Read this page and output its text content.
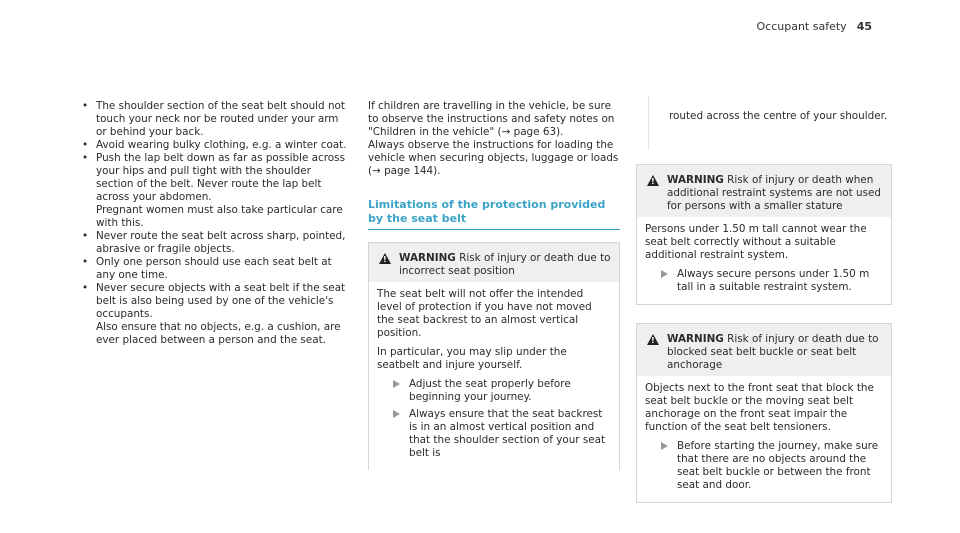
Occupant safety 45
• The shoulder section of the seat belt should not touch your neck nor be routed under your arm or behind your back.
• Avoid wearing bulky clothing, e.g. a winter coat.
• Push the lap belt down as far as possible across your hips and pull tight with the shoulder section of the belt. Never route the lap belt across your abdomen.
Pregnant women must also take particular care with this.
• Never route the seat belt across sharp, pointed, abrasive or fragile objects.
• Only one person should use each seat belt at any one time.
• Never secure objects with a seat belt if the seat belt is also being used by one of the vehicle's occupants.
Also ensure that no objects, e.g. a cushion, are ever placed between a person and the seat.

If children are travelling in the vehicle, be sure to observe the instructions and safety notes on "Children in the vehicle" (→ page 63).

Always observe the instructions for loading the vehicle when securing objects, luggage or loads (→ page 144).

Limitations of the protection provided by the seat belt
!
WARNING Risk of injury or death due to incorrect seat position

The seat belt will not offer the intended level of protection if you have not moved the seat backrest to an almost vertical position.

In particular, you may slip under the seatbelt and injure yourself.

Adjust the seat properly before beginning your journey.
Always ensure that the seat backrest is in an almost vertical position and that the shoulder section of your seat belt is
routed across the centre of your shoulder.
!
WARNING Risk of injury or death when additional restraint systems are not used for persons with a smaller stature

Persons under 1.50 m tall cannot wear the seat belt correctly without a suitable additional restraint system.

Always secure persons under 1.50 m tall in a suitable restraint system.
!
WARNING Risk of injury or death due to blocked seat belt buckle or seat belt anchorage

Objects next to the front seat that block the seat belt buckle or the moving seat belt anchorage on the front seat impair the function of the seat belt tensioners.

Before starting the journey, make sure that there are no objects around the seat belt buckle or between the front seat and door.
